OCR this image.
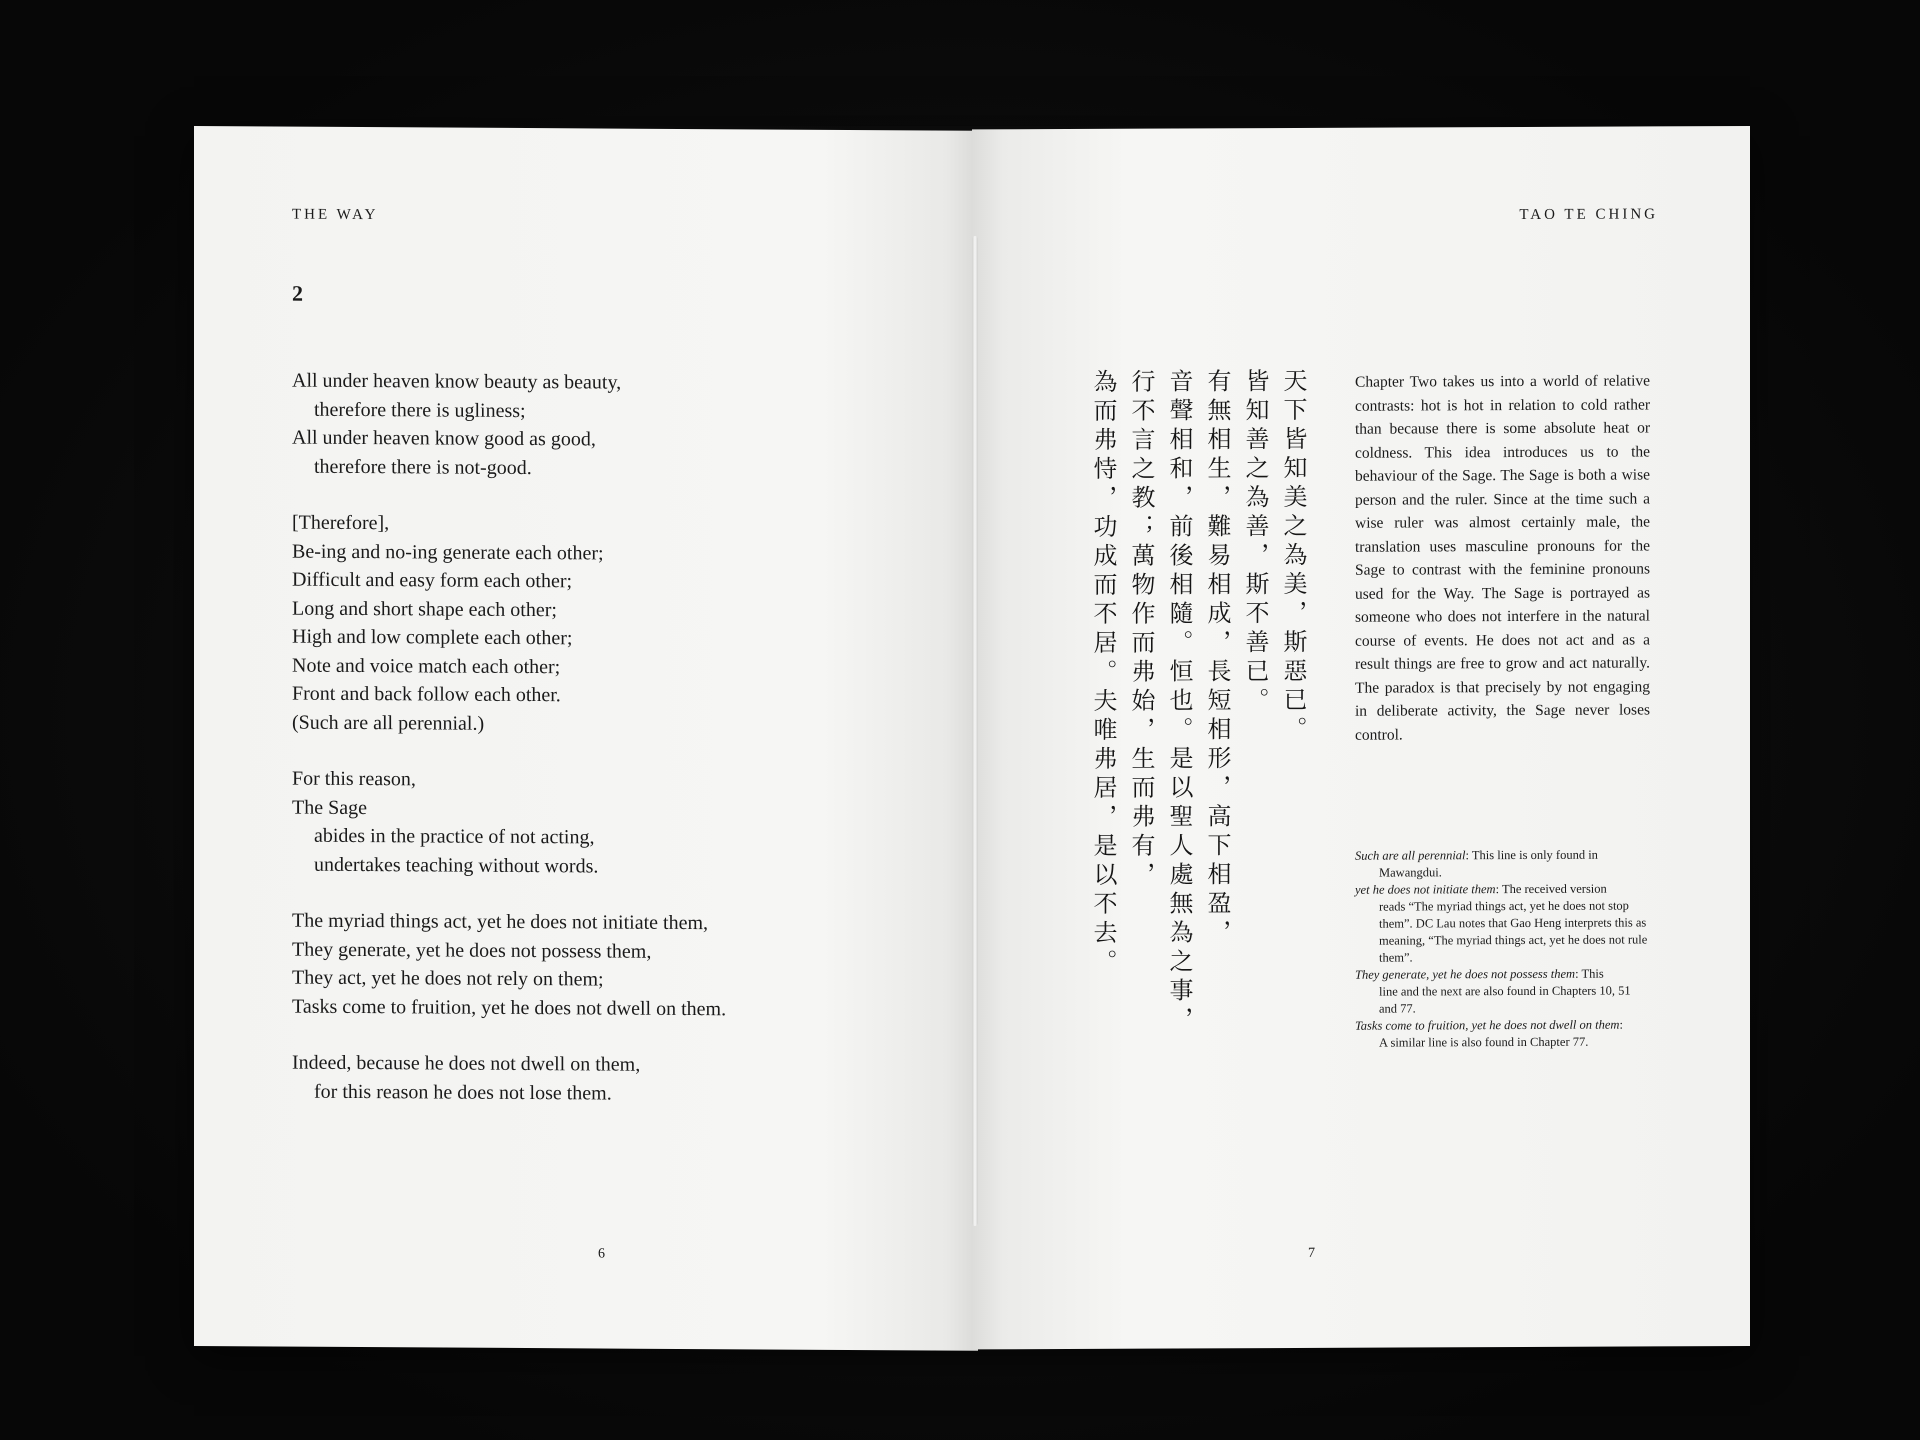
THE WAY
2
All under heaven know beauty as beauty,
therefore there is ugliness;
All under heaven know good as good,
therefore there is not-good.
[Therefore],
Be-ing and no-ing generate each other;
Difficult and easy form each other;
Long and short shape each other;
High and low complete each other;
Note and voice match each other;
Front and back follow each other.
(Such are all perennial.)
For this reason,
The Sage
abides in the practice of not acting,
undertakes teaching without words.
The myriad things act, yet he does not initiate them,
They generate, yet he does not possess them,
They act, yet he does not rely on them;
Tasks come to fruition, yet he does not dwell on them.
Indeed, because he does not dwell on them,
for this reason he does not lose them.
6
TAO TE CHING
天下皆知美之為美，斯惡已。
皆知善之為善，斯不善已。
有無相生，難易相成，長短相形，高下相盈，
音聲相和，前後相隨。恒也。是以聖人處無為之事，
行不言之教；萬物作而弗始，生而弗有，
為而弗恃，功成而不居。夫唯弗居，是以不去。	Chapter Two takes us into a world of relative contrasts: hot is hot in relation to cold rather than because there is some absolute heat or coldness. This idea introduces us to the behaviour of the Sage. The Sage is both a wise person and the ruler. Since at the time such a wise ruler was almost certainly male, the translation uses masculine pronouns for the Sage to contrast with the feminine pronouns used for the Way. The Sage is portrayed as someone who does not interfere in the natural course of events. He does not act and as a result things are free to grow and act naturally. The paradox is that precisely by not engaging in deliberate activity, the Sage never loses control.
Such are all perennial: This line is only found in
Mawangdui.
yet he does not initiate them: The received version
reads “The myriad things act, yet he does not stop them”. DC Lau notes that Gao Heng interprets this as meaning, “The myriad things act, yet he does not rule them”.
They generate, yet he does not possess them: This
line and the next are also found in Chapters 10, 51 and 77.
Tasks come to fruition, yet he does not dwell on them:
A similar line is also found in Chapter 77.
7
